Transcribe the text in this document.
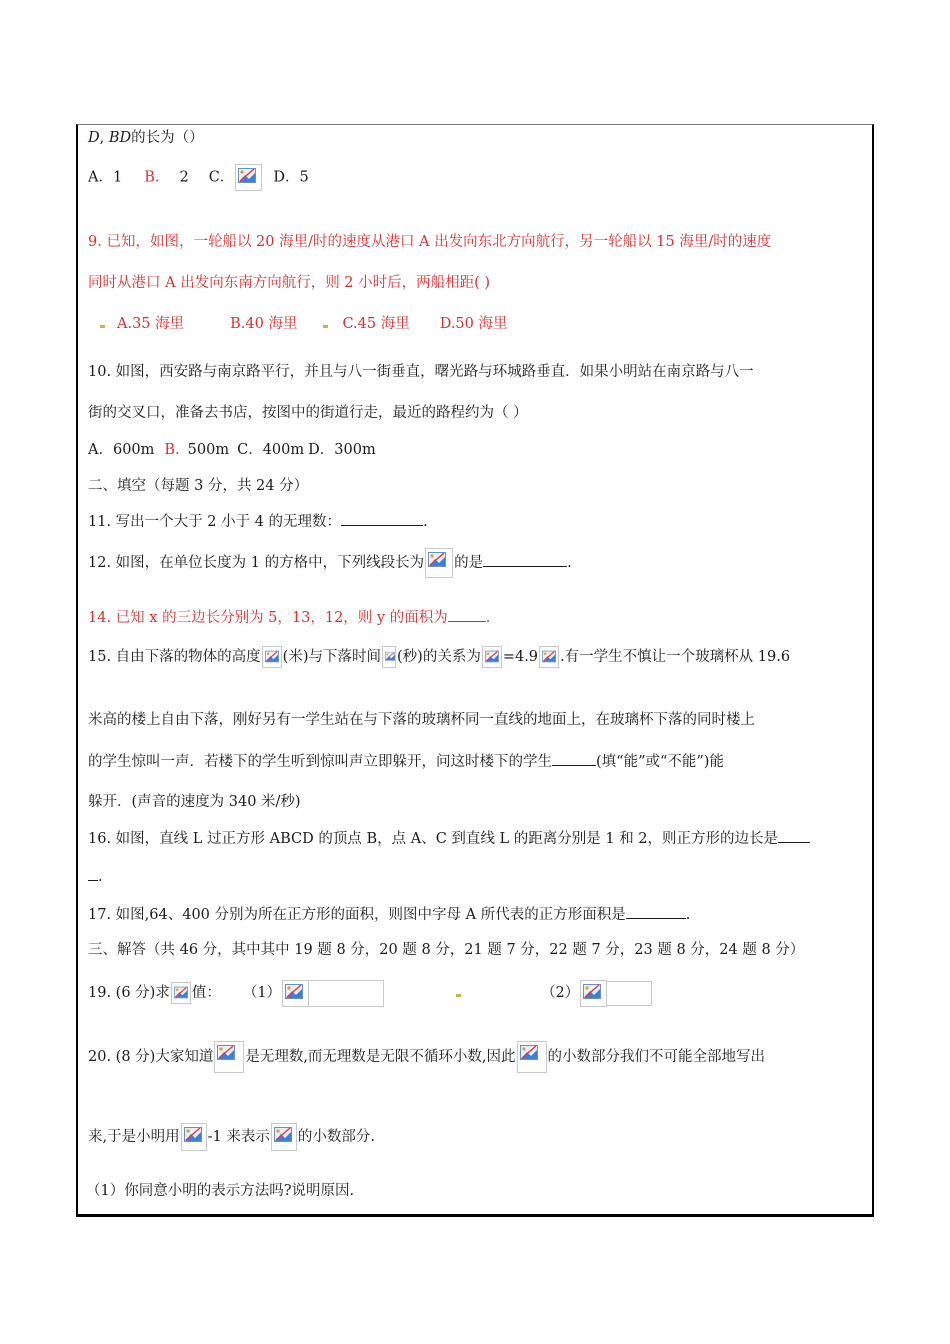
D, BD的长为（）
A．1 B. 2 C．	D．5
9. 已知，如图，一轮船以 20 海里/时的速度从港口 A 出发向东北方向航行，另一轮船以 15 海里/时的速度
同时从港口 A 出发向东南方向航行，则 2 小时后，两船相距( )
A.35 海里	B.40 海里	C.45 海里 D.50 海里
10. 如图，西安路与南京路平行，并且与八一街垂直，曙光路与环城路垂直．如果小明站在南京路与八一
街的交叉口，准备去书店，按图中的街道行走，最近的路程约为（ ）
A．600m B. 500m C．400m D．300m
二、填空（每题 3 分，共 24 分）
11. 写出一个大于 2 小于 4 的无理数：	.
12. 如图，在单位长度为 1 的方格中，下列线段长为 的是	.
14. 已知 x 的三边长分别为 5，13，12，则 y 的面积为	.
15. 自由下落的物体的高度 (米)与下落时间 (秒)的关系为 =4.9 .有一学生不慎让一个玻璃杯从 19.6
米高的楼上自由下落，刚好另有一学生站在与下落的玻璃杯同一直线的地面上，在玻璃杯下落的同时楼上
的学生惊叫一声．若楼下的学生听到惊叫声立即躲开，问这时楼下的学生	(填“能”或“不能”)能
躲开．(声音的速度为 340 米/秒)
16. 如图，直线 L 过正方形 ABCD 的顶点 B，点 A、C 到直线 L 的距离分别是 1 和 2，则正方形的边长是
.
17. 如图,64、400 分别为所在正方形的面积，则图中字母 A 所代表的正方形面积是	.
三、解答（共 46 分，其中其中 19 题 8 分，20 题 8 分，21 题 7 分，22 题 7 分，23 题 8 分，24 题 8 分）
19. (6 分)求 值： （1）	（2）
20. (8 分)大家知道 是无理数,而无理数是无限不循环小数,因此 的小数部分我们不可能全部地写出
来,于是小明用 -1 来表示 的小数部分.
（1）你同意小明的表示方法吗?说明原因.
